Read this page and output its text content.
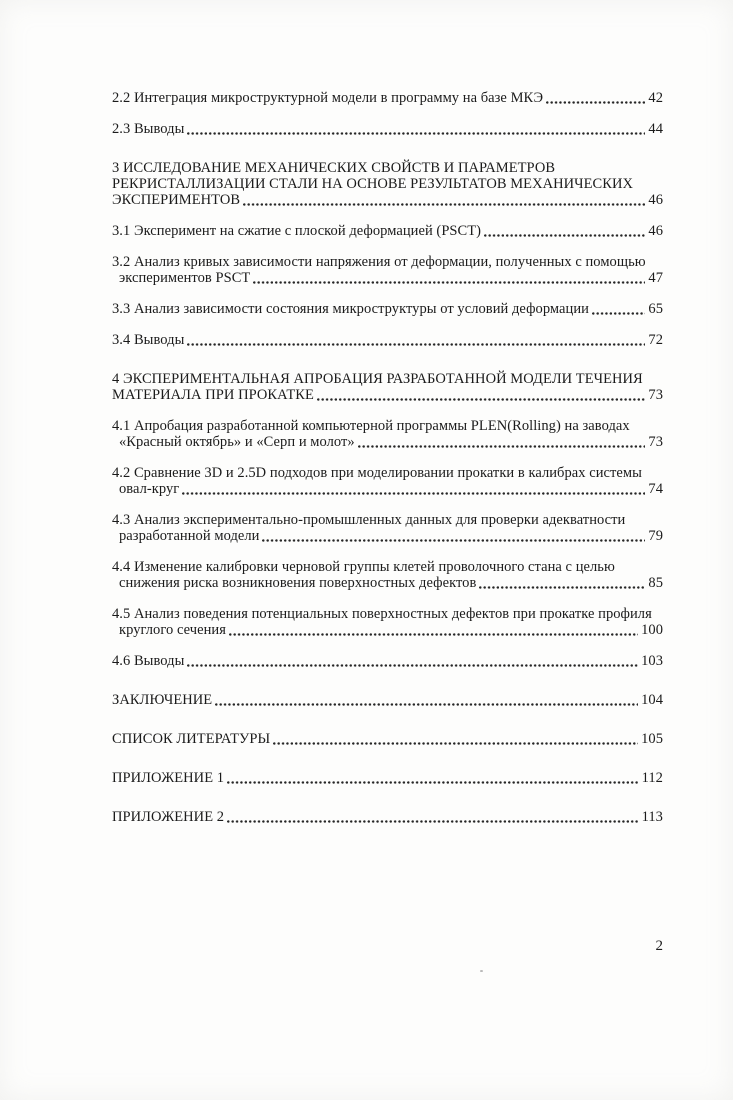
2.2 Интеграция микроструктурной модели в программу на базе МКЭ	42
2.3 Выводы	44
3 ИССЛЕДОВАНИЕ МЕХАНИЧЕСКИХ СВОЙСТВ И ПАРАМЕТРОВ
РЕКРИСТАЛЛИЗАЦИИ СТАЛИ НА ОСНОВЕ РЕЗУЛЬТАТОВ МЕХАНИЧЕСКИХ
ЭКСПЕРИМЕНТОВ	46
3.1 Эксперимент на сжатие с плоской деформацией (PSCT)	46
3.2 Анализ кривых зависимости напряжения от деформации, полученных с помощью
экспериментов PSCT	47
3.3 Анализ зависимости состояния микроструктуры от условий деформации	65
3.4 Выводы	72
4 ЭКСПЕРИМЕНТАЛЬНАЯ АПРОБАЦИЯ РАЗРАБОТАННОЙ МОДЕЛИ ТЕЧЕНИЯ
МАТЕРИАЛА ПРИ ПРОКАТКЕ	73
4.1 Апробация разработанной компьютерной программы PLEN(Rolling) на заводах
«Красный октябрь» и «Серп и молот»	73
4.2 Сравнение 3D и 2.5D подходов при моделировании прокатки в калибрах системы
овал-круг	74
4.3 Анализ экспериментально-промышленных данных для проверки адекватности
разработанной модели	79
4.4 Изменение калибровки черновой группы клетей проволочного стана с целью
снижения риска возникновения поверхностных дефектов	85
4.5 Анализ поведения потенциальных поверхностных дефектов при прокатке профиля
круглого сечения	100
4.6 Выводы	103
ЗАКЛЮЧЕНИЕ	104
СПИСОК ЛИТЕРАТУРЫ	105
ПРИЛОЖЕНИЕ 1	112
ПРИЛОЖЕНИЕ 2	113
2
